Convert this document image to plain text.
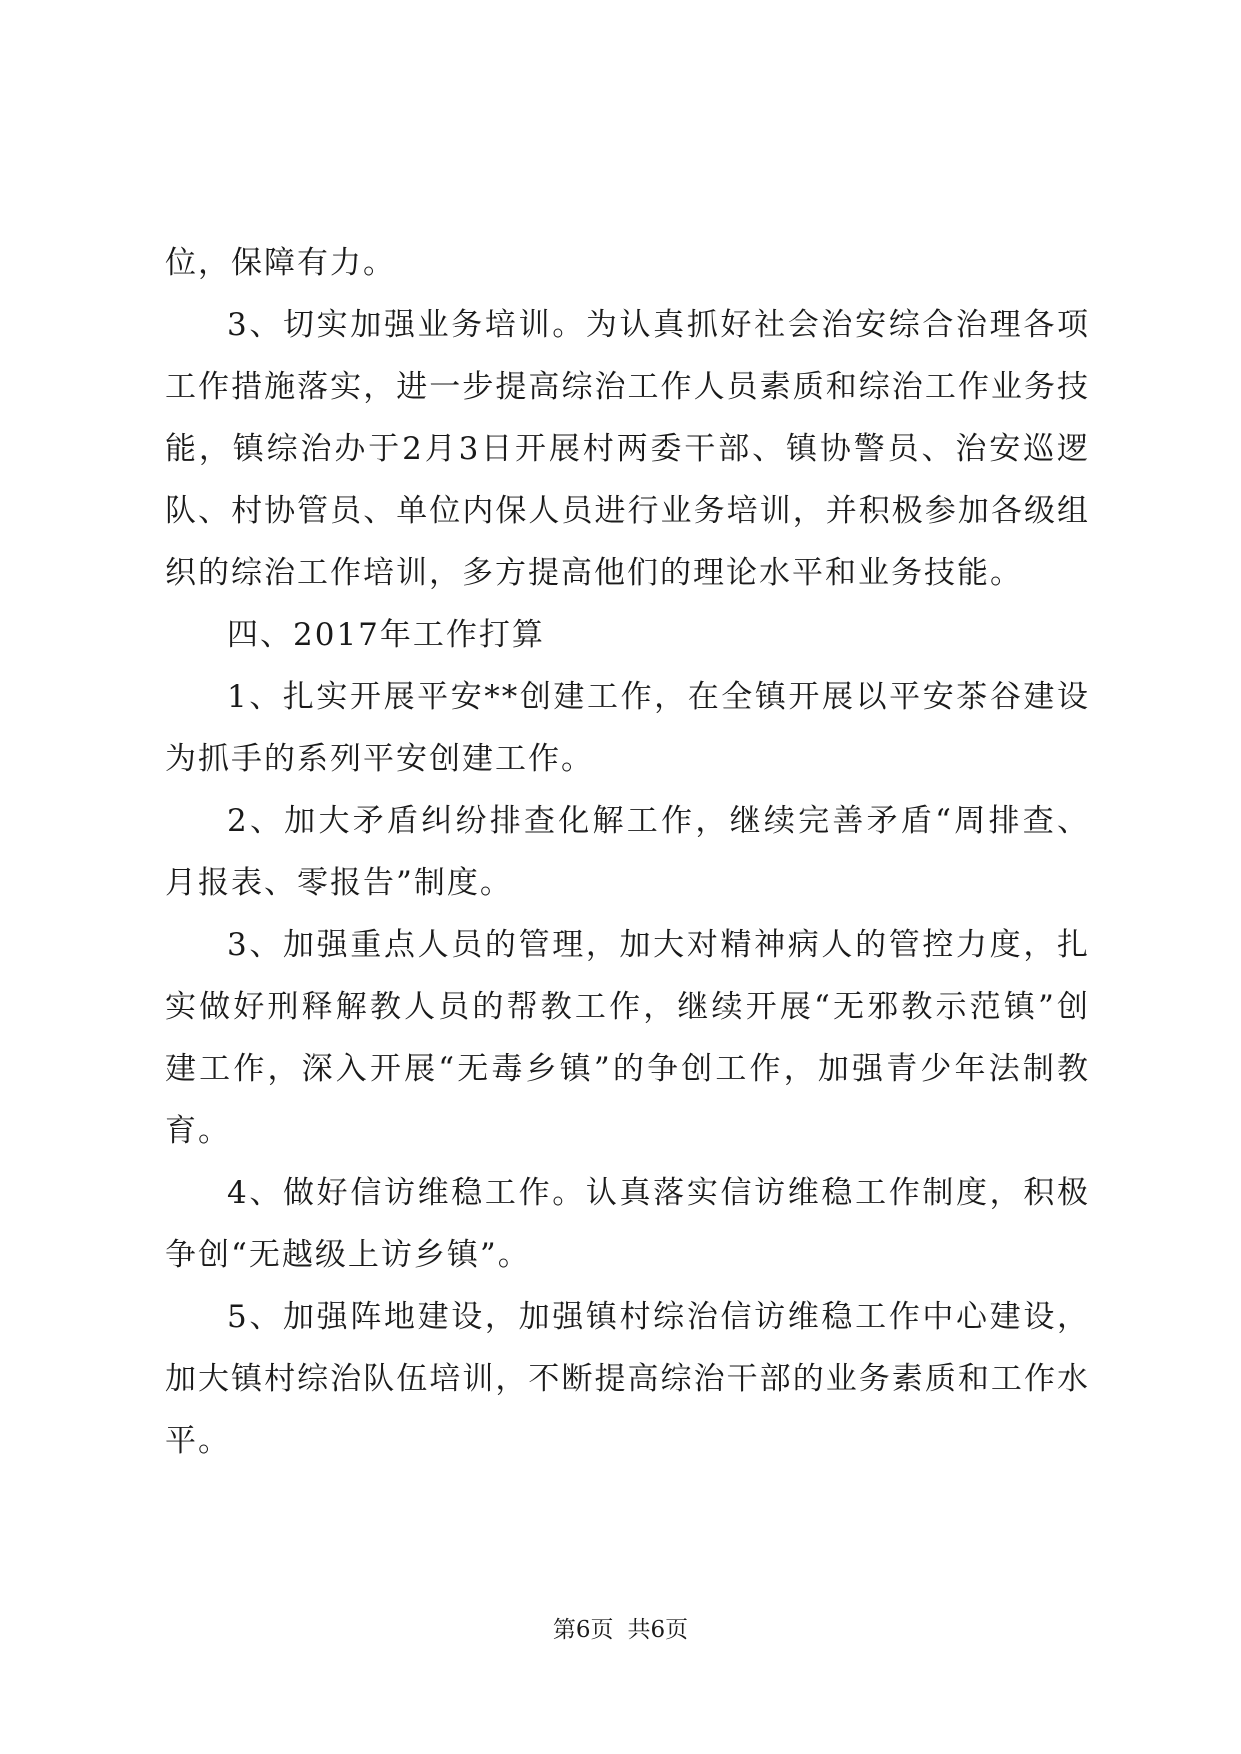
位，保障有力。

3、切实加强业务培训。为认真抓好社会治安综合治理各项工作措施落实，进一步提高综治工作人员素质和综治工作业务技能，镇综治办于2月3日开展村两委干部、镇协警员、治安巡逻队、村协管员、单位内保人员进行业务培训，并积极参加各级组织的综治工作培训，多方提高他们的理论水平和业务技能。

四、2017年工作打算

1、扎实开展平安**创建工作，在全镇开展以平安茶谷建设为抓手的系列平安创建工作。

2、加大矛盾纠纷排查化解工作，继续完善矛盾“周排查、月报表、零报告”制度。

3、加强重点人员的管理，加大对精神病人的管控力度，扎实做好刑释解教人员的帮教工作，继续开展“无邪教示范镇”创建工作，深入开展“无毒乡镇”的争创工作，加强青少年法制教育。

4、做好信访维稳工作。认真落实信访维稳工作制度，积极争创“无越级上访乡镇”。

5、加强阵地建设，加强镇村综治信访维稳工作中心建设，加大镇村综治队伍培训，不断提高综治干部的业务素质和工作水平。

第6页 共6页
